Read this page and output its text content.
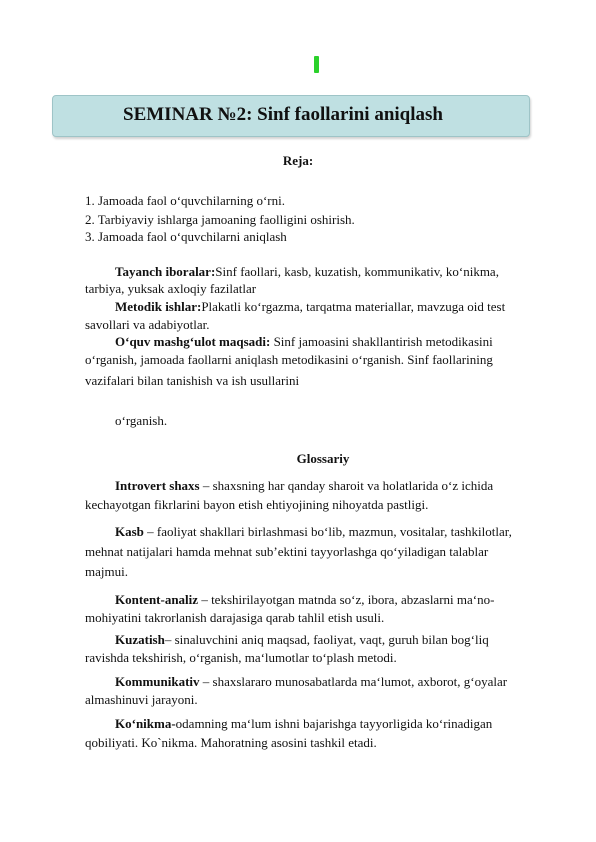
SEMINAR №2: Sinf faollarini aniqlash
Reja:
1. Jamoada faol o‘quvchilarning o‘rni.
2. Tarbiyaviy ishlarga jamoaning faolligini oshirish.
3. Jamoada faol o‘quvchilarni aniqlash
Tayanch iboralar:Sinf faollari, kasb, kuzatish, kommunikativ, ko‘nikma,
tarbiya, yuksak axloqiy fazilatlar
Metodik ishlar:Plakatli ko‘rgazma, tarqatma materiallar, mavzuga oid test
savollari va adabiyotlar.
O‘quv mashg‘ulot maqsadi: Sinf jamoasini shakllantirish metodikasini
o‘rganish, jamoada faollarni aniqlash metodikasini o‘rganish. Sinf faollarining
vazifalari bilan tanishish va ish usullarini
o‘rganish.
Glossariy
Introvert shaxs – shaxsning har qanday sharoit va holatlarida o‘z ichida
kechayotgan fikrlarini bayon etish ehtiyojining nihoyatda pastligi.
Kasb – faoliyat shakllari birlashmasi bo‘lib, mazmun, vositalar, tashkilotlar,
mehnat natijalari hamda mehnat sub’ektini tayyorlashga qo‘yiladigan talablar
majmui.
Kontent-analiz – tekshirilayotgan matnda so‘z, ibora, abzaslarni ma‘no-
mohiyatini takrorlanish darajasiga qarab tahlil etish usuli.
Kuzatish– sinaluvchini aniq maqsad, faoliyat, vaqt, guruh bilan bog‘liq
ravishda tekshirish, o‘rganish, ma‘lumotlar to‘plash metodi.
Kommunikativ – shaxslararo munosabatlarda ma‘lumot, axborot, g‘oyalar
almashinuvi jarayoni.
Ko‘nikma-odamning ma‘lum ishni bajarishga tayyorligida ko‘rinadigan
qobiliyati. Ko`nikma. Mahoratning asosini tashkil etadi.
